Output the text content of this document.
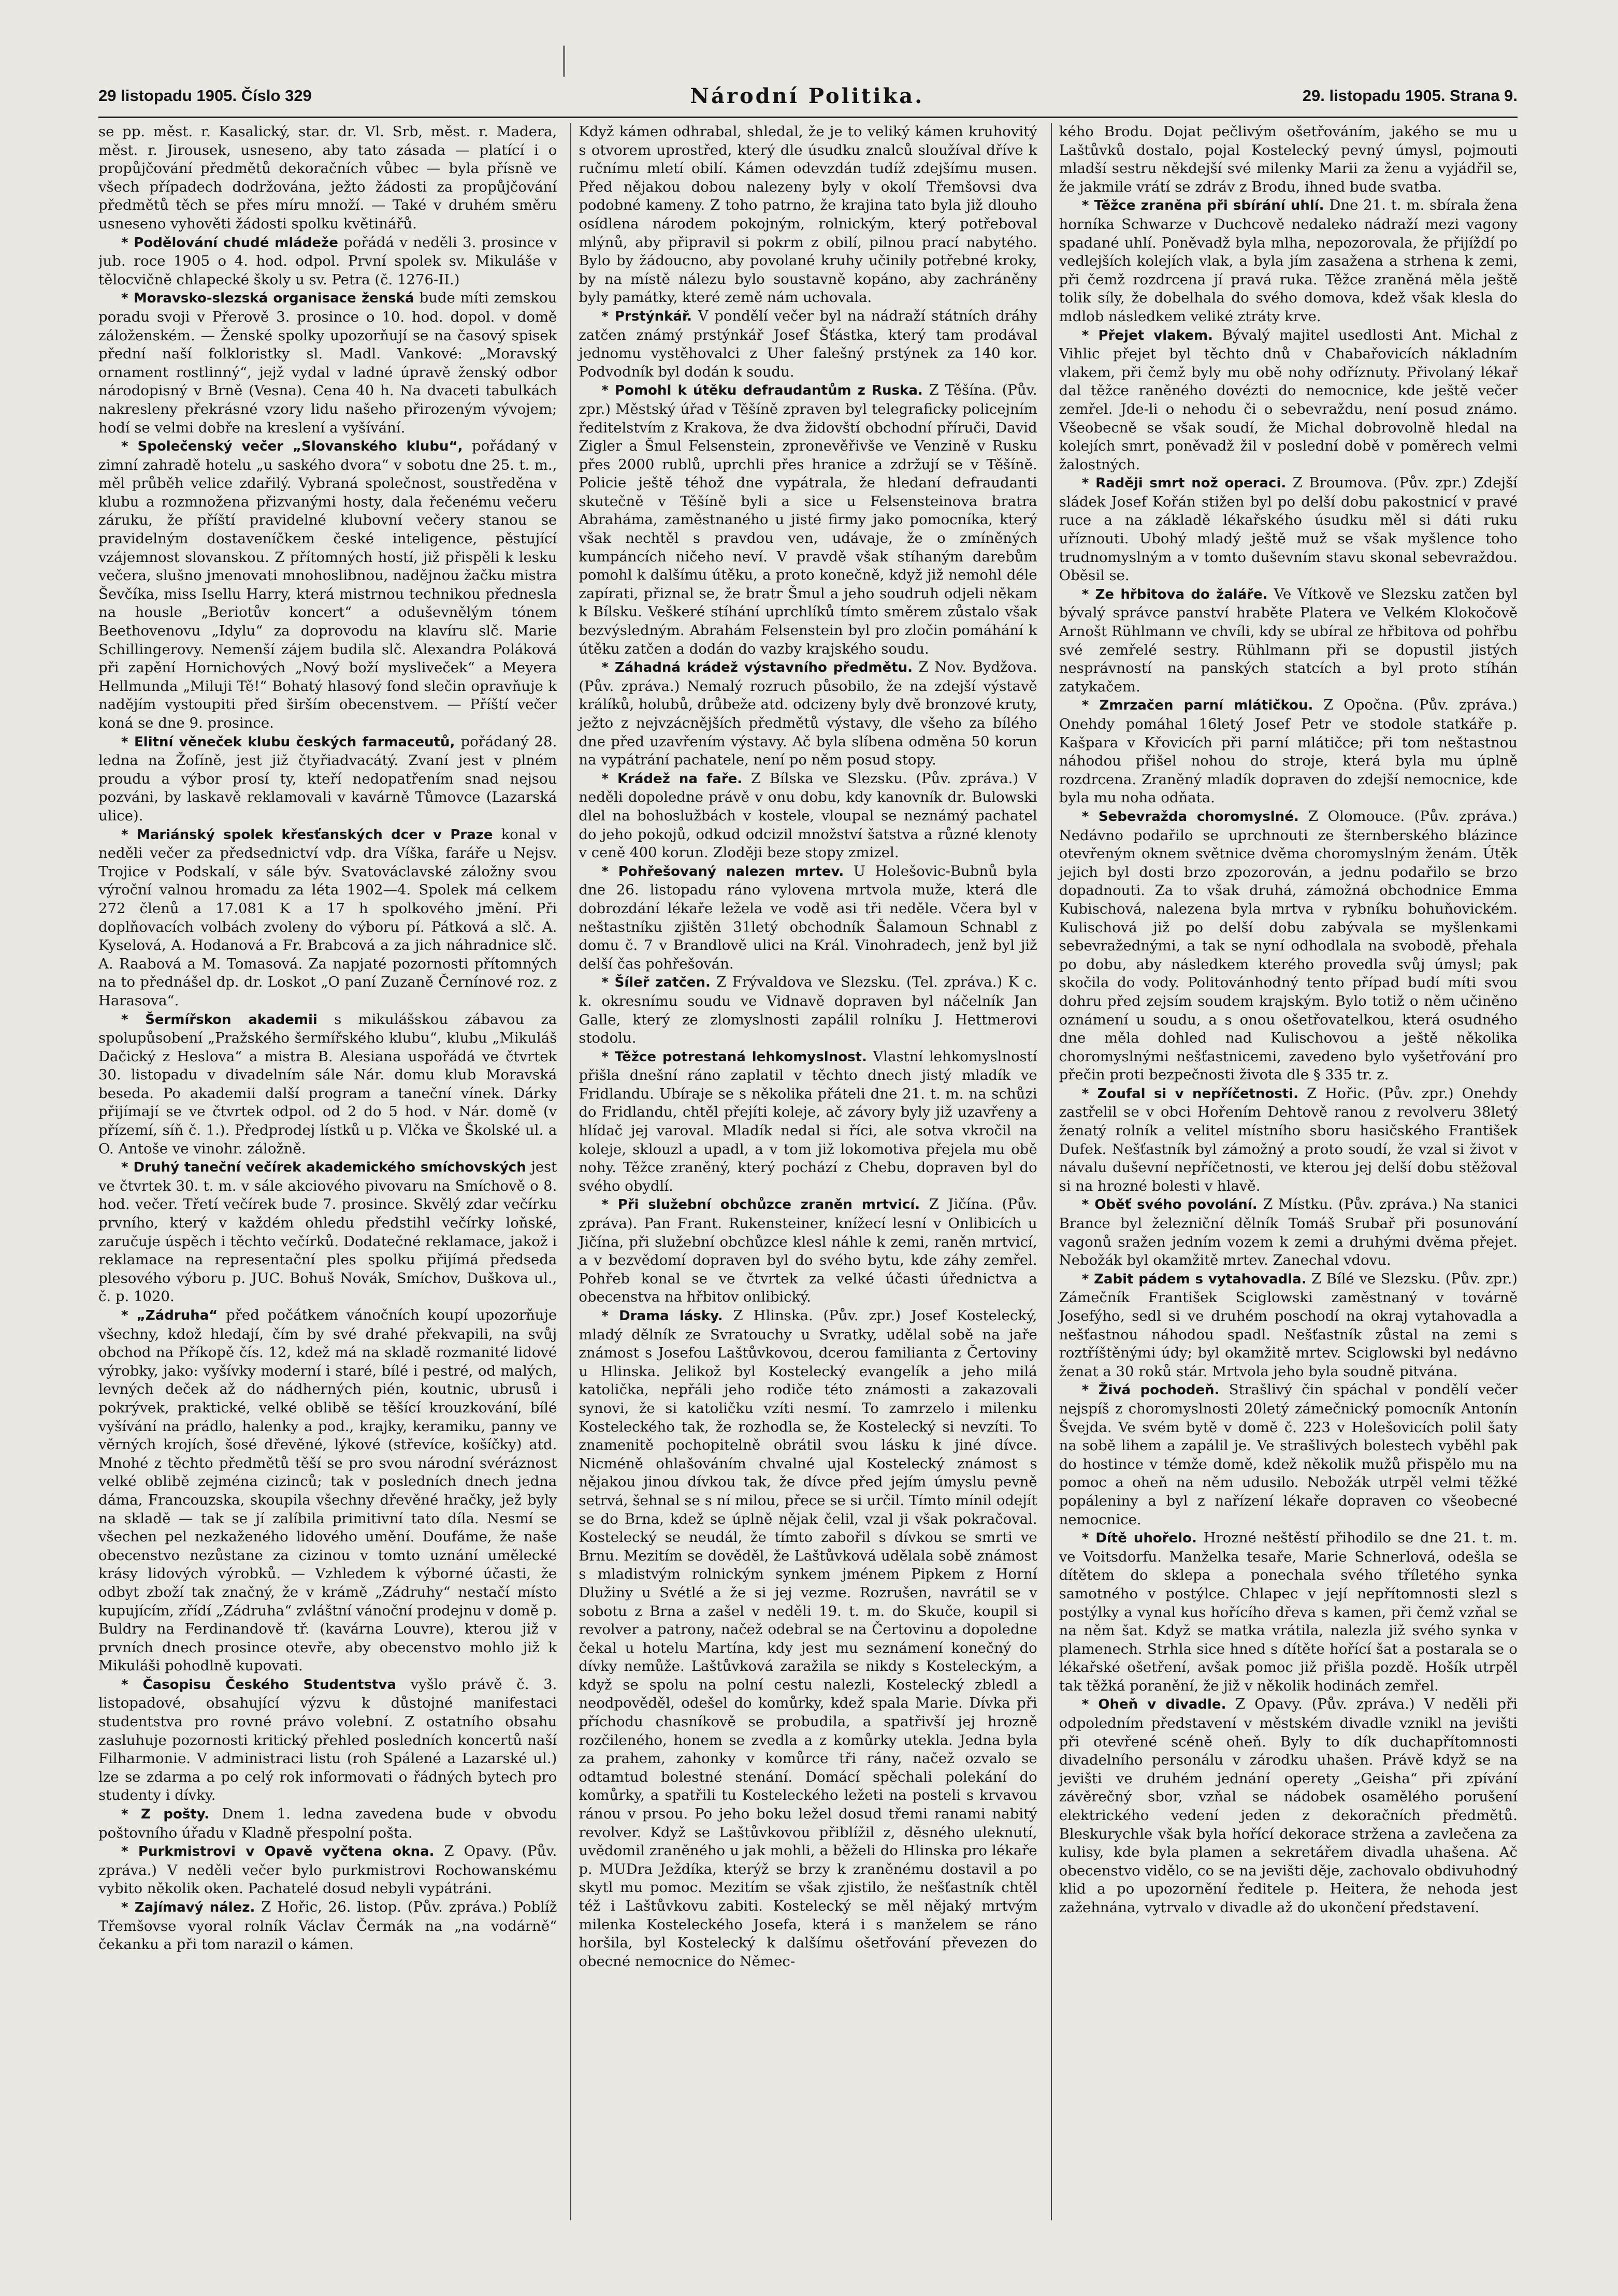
29 listopadu 1905. Číslo 329	Národní Politika.	29. listopadu 1905. Strana 9.

se pp. měst. r. Kasalický, star. dr. Vl. Srb, měst. r. Madera, měst. r. Jirousek, usneseno, aby tato zásada — platící i o propůjčování předmětů dekoračních vůbec — byla přísně ve všech případech dodržována, ježto žádosti za propůjčování předmětů těch se přes míru množí. — Také v druhém směru usneseno vyhověti žádosti spolku květinářů.

* Podělování chudé mládeže pořádá v neděli 3. prosince v jub. roce 1905 o 4. hod. odpol. První spolek sv. Mikuláše v tělocvičně chlapecké školy u sv. Petra (č. 1276-II.)

* Moravsko-slezská organisace ženská bude míti zemskou poradu svoji v Přerově 3. prosince o 10. hod. dopol. v domě záloženském. — Ženské spolky upozorňují se na časový spisek přední naší folkloristky sl. Madl. Vankové: „Moravský ornament rostlinný“, jejž vydal v ladné úpravě ženský odbor národopisný v Brně (Vesna). Cena 40 h. Na dvaceti tabulkách nakresleny překrásné vzory lidu našeho přirozeným vývojem; hodí se velmi dobře na kreslení a vyšívání.

* Společenský večer „Slovanského klubu“, pořádaný v zimní zahradě hotelu „u saského dvora“ v sobotu dne 25. t. m., měl průběh velice zdařilý. Vybraná společnost, soustředěna v klubu a rozmnožena přizvanými hosty, dala řečenému večeru záruku, že příští pravidelné klubovní večery stanou se pravidelným dostaveníčkem české inteligence, pěstující vzájemnost slovanskou. Z přítomných hostí, již přispěli k lesku večera, slušno jmenovati mnohoslibnou, nadějnou žačku mistra Ševčíka, miss Isellu Harry, která mistrnou technikou přednesla na housle „Beriotův koncert“ a oduševnělým tónem Beethovenovu „Idylu“ za doprovodu na klavíru slč. Marie Schillingerovy. Nemenší zájem budila slč. Alexandra Poláková při zapění Hornichových „Nový boží mysliveček“ a Meyera Hellmunda „Miluji Tě!“ Bohatý hlasový fond slečin opravňuje k nadějím vystoupiti před širším obecenstvem. — Příští večer koná se dne 9. prosince.

* Elitní věneček klubu českých farmaceutů, pořádaný 28. ledna na Žofíně, jest již čtyřiadvacátý. Zvaní jest v plném proudu a výbor prosí ty, kteří nedopatřením snad nejsou pozváni, by laskavě reklamovali v kavárně Tůmovce (Lazarská ulice).

* Mariánský spolek křesťanských dcer v Praze konal v neděli večer za předsednictví vdp. dra Víška, faráře u Nejsv. Trojice v Podskalí, v sále býv. Svatováclavské záložny svou výroční valnou hromadu za léta 1902—4. Spolek má celkem 272 členů a 17.081 K a 17 h spolkového jmění. Při doplňovacích volbách zvoleny do výboru pí. Pátková a slč. A. Kyselová, A. Hodanová a Fr. Brabcová a za jich náhradnice slč. A. Raabová a M. Tomasová. Za napjaté pozornosti přítomných na to přednášel dp. dr. Loskot „O paní Zuzaně Černínové roz. z Harasova“.

* Šermířskon akademii s mikulášskou zábavou za spolupůsobení „Pražského šermířského klubu“, klubu „Mikuláš Dačický z Heslova“ a mistra B. Alesiana uspořádá ve čtvrtek 30. listopadu v divadelním sále Nár. domu klub Moravská beseda. Po akademii další program a taneční vínek. Dárky přijímají se ve čtvrtek odpol. od 2 do 5 hod. v Nár. domě (v přízemí, síň č. 1.). Předprodej lístků u p. Vlčka ve Školské ul. a O. Antoše ve vinohr. záložně.

* Druhý taneční večírek akademického smíchovských jest ve čtvrtek 30. t. m. v sále akciového pivovaru na Smíchově o 8. hod. večer. Třetí večírek bude 7. prosince. Skvělý zdar večírku prvního, který v každém ohledu předstihl večírky loňské, zaručuje úspěch i těchto večírků. Dodatečné reklamace, jakož i reklamace na representační ples spolku přijímá předseda plesového výboru p. JUC. Bohuš Novák, Smíchov, Duškova ul., č. p. 1020.

* „Zádruha“ před počátkem vánočních koupí upozorňuje všechny, kdož hledají, čím by své drahé překvapili, na svůj obchod na Příkopě čís. 12, kdež má na skladě rozmanité lidové výrobky, jako: vyšívky moderní i staré, bílé i pestré, od malých, levných deček až do nádherných pién, koutnic, ubrusů i pokrývek, praktické, velké oblibě se těšící krouzkování, bílé vyšívání na prádlo, halenky a pod., krajky, keramiku, panny ve věrných krojích, šosé dřevěné, lýkové (střevíce, košíčky) atd. Mnohé z těchto předmětů těší se pro svou národní svéráznost velké oblibě zejména cizinců; tak v posledních dnech jedna dáma, Francouzska, skoupila všechny dřevěné hračky, jež byly na skladě — tak se jí zalíbila primitivní tato díla. Nesmí se všechen pel nezkaženého lidového umění. Doufáme, že naše obecenstvo nezůstane za cizinou v tomto uznání umělecké krásy lidových výrobků. — Vzhledem k výborné účasti, že odbyt zboží tak značný, že v krámě „Zádruhy“ nestačí místo kupujícím, zřídí „Zádruha“ zvláštní vánoční prodejnu v domě p. Buldry na Ferdinandově tř. (kavárna Louvre), kterou již v prvních dnech prosince otevře, aby obecenstvo mohlo již k Mikuláši pohodlně kupovati.

* Časopisu Českého Studentstva vyšlo právě č. 3. listopadové, obsahující výzvu k důstojné manifestaci studentstva pro rovné právo volební. Z ostatního obsahu zasluhuje pozornosti kritický přehled posledních koncertů naší Filharmonie. V administraci listu (roh Spálené a Lazarské ul.) lze se zdarma a po celý rok informovati o řádných bytech pro studenty i dívky.

* Z pošty. Dnem 1. ledna zavedena bude v obvodu poštovního úřadu v Kladně přespolní pošta.

* Purkmistrovi v Opavě vyčtena okna. Z Opavy. (Pův. zpráva.) V neděli večer bylo purkmistrovi Rochowanskému vybito několik oken. Pachatelé dosud nebyli vypátráni.

* Zajímavý nález. Z Hořic, 26. listop. (Pův. zpráva.) Poblíž Třemšovse vyoral rolník Václav Čermák na „na vodárně“ čekanku a při tom narazil o kámen.

Když kámen odhrabal, shledal, že je to veliký kámen kruhovitý s otvorem uprostřed, který dle úsudku znalců sloužíval dříve k ručnímu mletí obilí. Kámen odevzdán tudíž zdejšímu musen. Před nějakou dobou nalezeny byly v okolí Třemšovsi dva podobné kameny. Z toho patrno, že krajina tato byla již dlouho osídlena národem pokojným, rolnickým, který potřeboval mlýnů, aby připravil si pokrm z obilí, pilnou prací nabytého. Bylo by žádoucno, aby povolané kruhy učinily potřebné kroky, by na místě nálezu bylo soustavně kopáno, aby zachráněny byly památky, které země nám uchovala.

* Prstýnkář. V pondělí večer byl na nádraží státních dráhy zatčen známý prstýnkář Josef Šťástka, který tam prodával jednomu vystěhovalci z Uher falešný prstýnek za 140 kor. Podvodník byl dodán k soudu.

* Pomohl k útěku defraudantům z Ruska. Z Těšína. (Pův. zpr.) Městský úřad v Těšíně zpraven byl telegraficky policejním ředitelstvím z Krakova, že dva židovští obchodní příruči, David Zigler a Šmul Felsenstein, zpronevěřivše ve Venzině v Rusku přes 2000 rublů, uprchli přes hranice a zdržují se v Těšíně. Policie ještě téhož dne vypátrala, že hledaní defraudanti skutečně v Těšíně byli a sice u Felsensteinova bratra Abraháma, zaměstnaného u jisté firmy jako pomocníka, který však nechtěl s pravdou ven, udávaje, že o zmíněných kumpáncích ničeho neví. V pravdě však stíhaným darebům pomohl k dalšímu útěku, a proto konečně, když již nemohl déle zapírati, přiznal se, že bratr Šmul a jeho soudruh odjeli někam k Bílsku. Veškeré stíhání uprchlíků tímto směrem zůstalo však bezvýsledným. Abrahám Felsenstein byl pro zločin pomáhání k útěku zatčen a dodán do vazby krajského soudu.

* Záhadná krádež výstavního předmětu. Z Nov. Bydžova. (Pův. zpráva.) Nemalý rozruch působilo, že na zdejší výstavě králíků, holubů, drůbeže atd. odcizeny byly dvě bronzové kruty, ježto z nejvzácnějších předmětů výstavy, dle všeho za bílého dne před uzavřením výstavy. Ač byla slíbena odměna 50 korun na vypátrání pachatele, není po něm posud stopy.

* Krádež na faře. Z Bílska ve Slezsku. (Pův. zpráva.) V neděli dopoledne právě v onu dobu, kdy kanovník dr. Bulowski dlel na bohoslužbách v kostele, vloupal se neznámý pachatel do jeho pokojů, odkud odcizil množství šatstva a různé klenoty v ceně 400 korun. Zloději beze stopy zmizel.

* Pohřešovaný nalezen mrtev. U Holešovic-Bubnů byla dne 26. listopadu ráno vylovena mrtvola muže, která dle dobrozdání lékaře ležela ve vodě asi tři neděle. Včera byl v neštastníku zjištěn 31letý obchodník Šalamoun Schnabl z domu č. 7 v Brandlově ulici na Král. Vinohradech, jenž byl již delší čas pohřešován.

* Šíleř zatčen. Z Frývaldova ve Slezsku. (Tel. zpráva.) K c. k. okresnímu soudu ve Vidnavě dopraven byl náčelník Jan Galle, který ze zlomyslnosti zapálil rolníku J. Hettmerovi stodolu.

* Těžce potrestaná lehkomyslnost. Vlastní lehkomyslností přišla dnešní ráno zaplatil v těchto dnech jistý mladík ve Fridlandu. Ubíraje se s několika přáteli dne 21. t. m. na schůzi do Fridlandu, chtěl přejíti koleje, ač závory byly již uzavřeny a hlídač jej varoval. Mladík nedal si říci, ale sotva vkročil na koleje, sklouzl a upadl, a v tom již lokomotiva přejela mu obě nohy. Těžce zraněný, který pochází z Chebu, dopraven byl do svého obydlí.

* Při služební obchůzce zraněn mrtvicí. Z Jičína. (Pův. zpráva). Pan Frant. Rukensteiner, knížecí lesní v Onlibicích u Jičína, při služební obchůzce klesl náhle k zemi, raněn mrtvicí, a v bezvědomí dopraven byl do svého bytu, kde záhy zemřel. Pohřeb konal se ve čtvrtek za velké účasti úřednictva a obecenstva na hřbitov onlibický.

* Drama lásky. Z Hlinska. (Pův. zpr.) Josef Kostelecký, mladý dělník ze Svratouchy u Svratky, udělal sobě na jaře známost s Josefou Laštůvkovou, dcerou familianta z Čertoviny u Hlinska. Jelikož byl Kostelecký evangelík a jeho milá katolička, nepřáli jeho rodiče této známosti a zakazovali synovi, že si katoličku vzíti nesmí. To zamrzelo i milenku Kosteleckého tak, že rozhodla se, že Kostelecký si nevzíti. To znamenitě pochopitelně obrátil svou lásku k jiné dívce. Nicméně ohlašováním chvalné ujal Kostelecký známost s nějakou jinou dívkou tak, že dívce před jejím úmyslu pevně setrvá, šehnal se s ní milou, přece se si určil. Tímto mínil odejít se do Brna, kdež se úplně nějak čelil, vzal ji však pokračoval. Kostelecký se neudál, že tímto zabořil s dívkou se smrti ve Brnu. Mezitím se dověděl, že Laštůvková udělala sobě známost s mladistvým rolnickým synkem jménem Pipkem z Horní Dlužiny u Svétlé a že si jej vezme. Rozrušen, navrátil se v sobotu z Brna a zašel v neděli 19. t. m. do Skuče, koupil si revolver a patrony, načež odebral se na Čertovinu a dopoledne čekal u hotelu Martína, kdy jest mu seznámení konečný do dívky nemůže. Laštůvková zaražila se nikdy s Kosteleckým, a když se spolu na polní cestu nalezli, Kostelecký zbledl a neodpověděl, odešel do komůrky, kdež spala Marie. Dívka při příchodu chasníkově se probudila, a spatřivší jej hrozně rozčileného, honem se zvedla a z komůrky utekla. Jedna byla za prahem, zahonky v komůrce tři rány, načež ozvalo se odtamtud bolestné stenání. Domácí spěchali polekání do komůrky, a spatřili tu Kosteleckého ležeti na posteli s krvavou ránou v prsou. Po jeho boku ležel dosud třemi ranami nabitý revolver. Když se Laštůvkovou přiblížil z, děsného uleknutí, uvědomil zraněného u jak mohli, a běželi do Hlinska pro lékaře p. MUDra Ježdíka, kterýž se brzy k zraněnému dostavil a po skytl mu pomoc. Mezitím se však zjistilo, že nešťastník chtěl též i Laštůvkovu zabiti. Kostelecký se měl nějaký mrtvým milenka Kosteleckého Josefa, která i s manželem se ráno horšila, byl Kostelecký k dalšímu ošetřování převezen do obecné nemocnice do Němec-

kého Brodu. Dojat pečlivým ošetřováním, jakého se mu u Laštůvků dostalo, pojal Kostelecký pevný úmysl, pojmouti mladší sestru někdejší své milenky Marii za ženu a vyjádřil se, že jakmile vrátí se zdráv z Brodu, ihned bude svatba.

* Těžce zraněna při sbírání uhlí. Dne 21. t. m. sbírala žena horníka Schwarze v Duchcově nedaleko nádraží mezi vagony spadané uhlí. Poněvadž byla mlha, nepozorovala, že přijíždí po vedlejších kolejích vlak, a byla jím zasažena a strhena k zemi, při čemž rozdrcena jí pravá ruka. Těžce zraněná měla ještě tolik síly, že dobelhala do svého domova, kdež však klesla do mdlob následkem veliké ztráty krve.

* Přejet vlakem. Bývalý majitel usedlosti Ant. Michal z Vihlic přejet byl těchto dnů v Chabařovicích nákladním vlakem, při čemž byly mu obě nohy odříznuty. Přivolaný lékař dal těžce raněného dovézti do nemocnice, kde ještě večer zemřel. Jde-li o nehodu či o sebevraždu, není posud známo. Všeobecně se však soudí, že Michal dobrovolně hledal na kolejích smrt, poněvadž žil v poslední době v poměrech velmi žalostných.

* Raději smrt nož operaci. Z Broumova. (Pův. zpr.) Zdejší sládek Josef Kořán stižen byl po delší dobu pakostnicí v pravé ruce a na základě lékařského úsudku měl si dáti ruku uříznouti. Ubohý mladý ještě muž se však myšlence toho trudnomyslným a v tomto duševním stavu skonal sebevraždou. Oběsil se.

* Ze hřbitova do žaláře. Ve Vítkově ve Slezsku zatčen byl bývalý správce panství hraběte Platera ve Velkém Klokočově Arnošt Rühlmann ve chvíli, kdy se ubíral ze hřbitova od pohřbu své zemřelé sestry. Rühlmann při se dopustil jistých nesprávností na panských statcích a byl proto stíhán zatykačem.

* Zmrzačen parní mlátičkou. Z Opočna. (Pův. zpráva.) Onehdy pomáhal 16letý Josef Petr ve stodole statkáře p. Kašpara v Křovicích při parní mlátičce; při tom neštastnou náhodou přišel nohou do stroje, která byla mu úplně rozdrcena. Zraněný mladík dopraven do zdejší nemocnice, kde byla mu noha odňata.

* Sebevražda choromyslné. Z Olomouce. (Pův. zpráva.) Nedávno podařilo se uprchnouti ze šternberského blázince otevřeným oknem světnice dvěma choromyslným ženám. Útěk jejich byl dosti brzo zpozorován, a jednu podařilo se brzo dopadnouti. Za to však druhá, zámožná obchodnice Emma Kubischová, nalezena byla mrtva v rybníku bohuňovickém. Kulischová již po delší dobu zabývala se myšlenkami sebevražednými, a tak se nyní odhodlala na svobodě, přehala po dobu, aby následkem kterého provedla svůj úmysl; pak skočila do vody. Politovánhodný tento případ budí míti svou dohru před zejsím soudem krajským. Bylo totiž o něm učiněno oznámení u soudu, a s onou ošetřovatelkou, která osudného dne měla dohled nad Kulischovou a ještě několika choromyslnými nešťastnicemi, zavedeno bylo vyšetřování pro přečin proti bezpečnosti života dle § 335 tr. z.

* Zoufal si v nepříčetnosti. Z Hořic. (Pův. zpr.) Onehdy zastřelil se v obci Hořením Dehtově ranou z revolveru 38letý ženatý rolník a velitel místního sboru hasičského František Dufek. Nešťastník byl zámožný a proto soudí, že vzal si život v návalu duševní nepříčetnosti, ve kterou jej delší dobu stěžoval si na hrozné bolesti v hlavě.

* Oběť svého povolání. Z Místku. (Pův. zpráva.) Na stanici Brance byl železniční dělník Tomáš Srubař při posunování vagonů sražen jedním vozem k zemi a druhými dvěma přejet. Nebožák byl okamžitě mrtev. Zanechal vdovu.

* Zabit pádem s vytahovadla. Z Bílé ve Slezsku. (Pův. zpr.) Zámečník František Sciglowski zaměstnaný v továrně Josefýho, sedl si ve druhém poschodí na okraj vytahovadla a nešťastnou náhodou spadl. Nešťastník zůstal na zemi s roztříštěnými údy; byl okamžitě mrtev. Sciglowski byl nedávno ženat a 30 roků stár. Mrtvola jeho byla soudně pitvána.

* Živá pochodeň. Strašlivý čin spáchal v pondělí večer nejspíš z choromyslnosti 20letý zámečnický pomocník Antonín Švejda. Ve svém bytě v domě č. 223 v Holešovicích polil šaty na sobě lihem a zapálil je. Ve strašlivých bolestech vyběhl pak do hostince v témže domě, kdež několik mužů přispělo mu na pomoc a oheň na něm udusilo. Nebožák utrpěl velmi těžké popáleniny a byl z nařízení lékaře dopraven co všeobecné nemocnice.

* Dítě uhořelo. Hrozné neštěstí přihodilo se dne 21. t. m. ve Voitsdorfu. Manželka tesaře, Marie Schnerlová, odešla se dítětem do sklepa a ponechala svého tříletého synka samotného v postýlce. Chlapec v její nepřítomnosti slezl s postýlky a vynal kus hořícího dřeva s kamen, při čemž vzňal se na něm šat. Když se matka vrátila, nalezla již svého synka v plamenech. Strhla sice hned s dítěte hořící šat a postarala se o lékařské ošetření, avšak pomoc již přišla pozdě. Hošík utrpěl tak těžká poranění, že již v několik hodinách zemřel.

* Oheň v divadle. Z Opavy. (Pův. zpráva.) V neděli při odpoledním představení v městském divadle vznikl na jevišti při otevřené scéně oheň. Byly to dík duchapřítomnosti divadelního personálu v zárodku uhašen. Právě když se na jevišti ve druhém jednání operety „Geisha“ při zpívání závěrečný sbor, vzňal se nádobek osamělého porušení elektrického vedení jeden z dekoračních předmětů. Bleskurychle však byla hořící dekorace strženа a zavlečena za kulisy, kde byla plamen a sekretářem divadla uhašena. Ač obecenstvo vidělo, co se na jevišti děje, zachovalo obdivuhodný klid a po upozornění ředitele p. Heitera, že nehoda jest zažehnána, vytrvalo v divadle až do ukončení představení.
